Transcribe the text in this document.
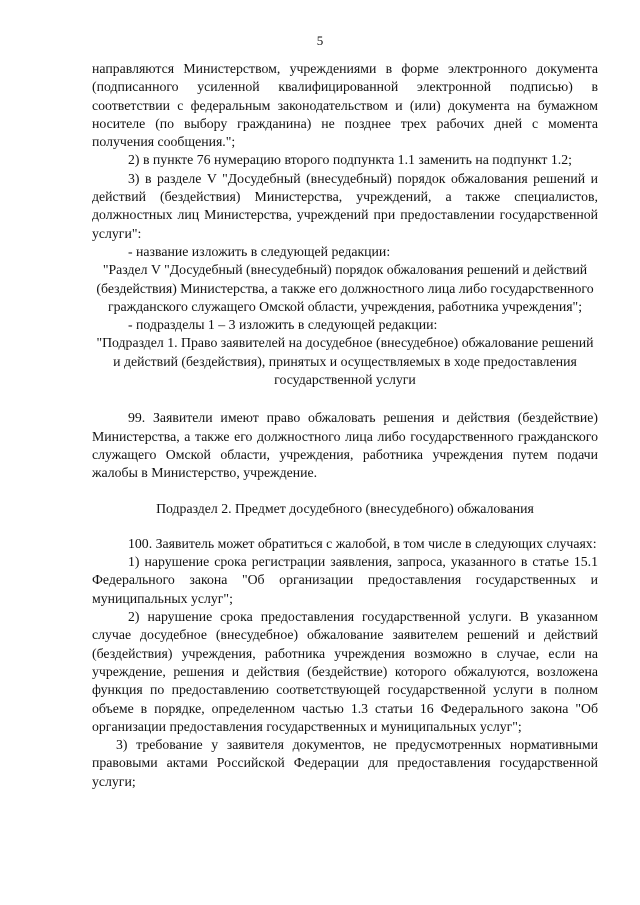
5

направляются Министерством, учреждениями в форме электронного документа (подписанного усиленной квалифицированной электронной подписью) в соответствии с федеральным законодательством и (или) документа на бумажном носителе (по выбору гражданина) не позднее трех рабочих дней с момента получения сообщения.";

2) в пункте 76 нумерацию второго подпункта 1.1 заменить на подпункт 1.2;

3) в разделе V "Досудебный (внесудебный) порядок обжалования решений и действий (бездействия) Министерства, учреждений, а также специалистов, должностных лиц Министерства, учреждений при предоставлении государственной услуги":

- название изложить в следующей редакции:

"Раздел V "Досудебный (внесудебный) порядок обжалования решений и действий (бездействия) Министерства, а также его должностного лица либо государственного гражданского служащего Омской области, учреждения, работника учреждения";

- подразделы 1 – 3 изложить в следующей редакции:

"Подраздел 1. Право заявителей на досудебное (внесудебное) обжалование решений и действий (бездействия), принятых и осуществляемых в ходе предоставления государственной услуги

99. Заявители имеют право обжаловать решения и действия (бездействие) Министерства, а также его должностного лица либо государственного гражданского служащего Омской области, учреждения, работника учреждения путем подачи жалобы в Министерство, учреждение.

Подраздел 2. Предмет досудебного (внесудебного) обжалования

100. Заявитель может обратиться с жалобой, в том числе в следующих случаях:

1) нарушение срока регистрации заявления, запроса, указанного в статье 15.1 Федерального закона "Об организации предоставления государственных и муниципальных услуг";

2) нарушение срока предоставления государственной услуги. В указанном случае досудебное (внесудебное) обжалование заявителем решений и действий (бездействия) учреждения, работника учреждения возможно в случае, если на учреждение, решения и действия (бездействие) которого обжалуются, возложена функция по предоставлению соответствующей государственной услуги в полном объеме в порядке, определенном частью 1.3 статьи 16 Федерального закона "Об организации предоставления государственных и муниципальных услуг";

3) требование у заявителя документов, не предусмотренных нормативными правовыми актами Российской Федерации для предоставления государственной услуги;
